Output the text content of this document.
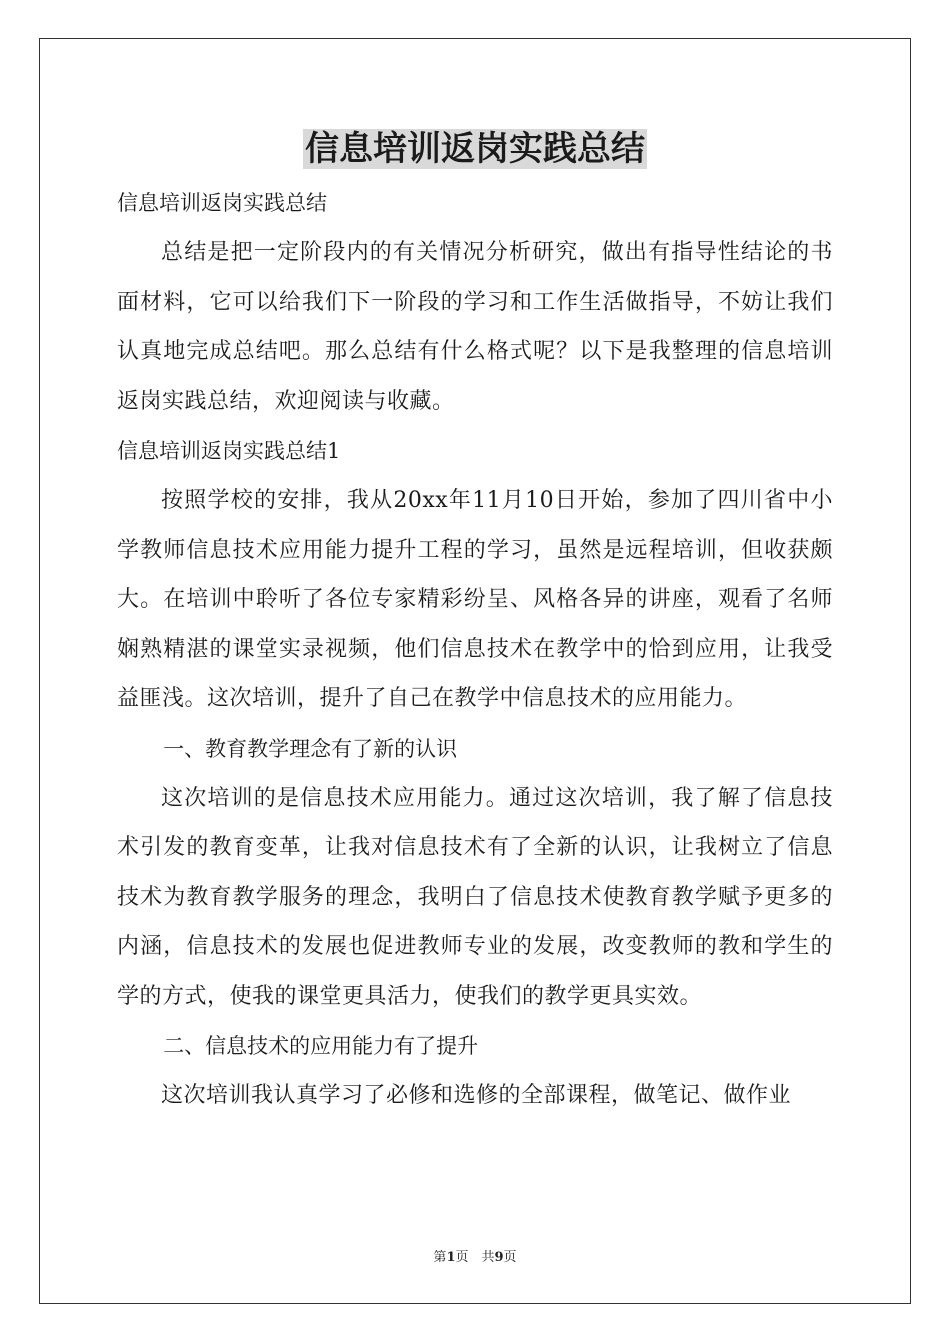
信息培训返岗实践总结

信息培训返岗实践总结

总结是把一定阶段内的有关情况分析研究，做出有指导性结论的书面材料，它可以给我们下一阶段的学习和工作生活做指导，不妨让我们认真地完成总结吧。那么总结有什么格式呢？以下是我整理的信息培训返岗实践总结，欢迎阅读与收藏。

信息培训返岗实践总结1

按照学校的安排，我从20xx年11月10日开始，参加了四川省中小学教师信息技术应用能力提升工程的学习，虽然是远程培训，但收获颇大。在培训中聆听了各位专家精彩纷呈、风格各异的讲座，观看了名师娴熟精湛的课堂实录视频，他们信息技术在教学中的恰到应用，让我受益匪浅。这次培训，提升了自己在教学中信息技术的应用能力。

一、教育教学理念有了新的认识

这次培训的是信息技术应用能力。通过这次培训，我了解了信息技术引发的教育变革，让我对信息技术有了全新的认识，让我树立了信息技术为教育教学服务的理念，我明白了信息技术使教育教学赋予更多的内涵，信息技术的发展也促进教师专业的发展，改变教师的教和学生的学的方式，使我的课堂更具活力，使我们的教学更具实效。

二、信息技术的应用能力有了提升

这次培训我认真学习了必修和选修的全部课程，做笔记、做作业

第1页　共9页
